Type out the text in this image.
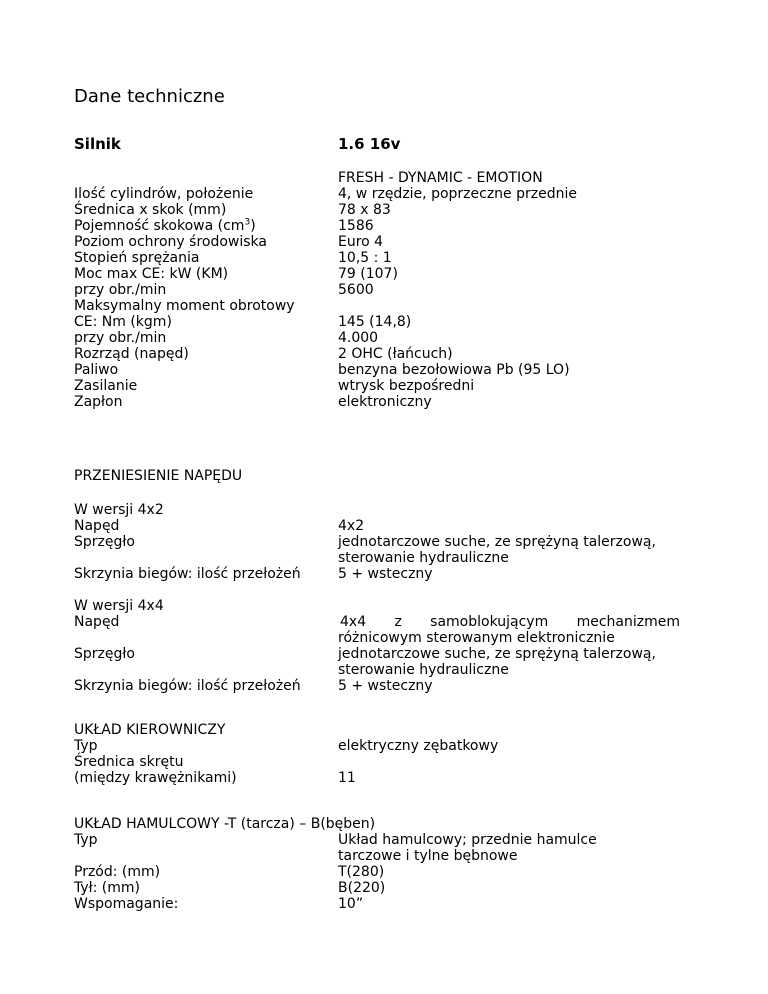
Dane techniczne
Silnik	1.6 16v
FRESH - DYNAMIC - EMOTION
Ilość cylindrów, położenie	4, w rzędzie, poprzeczne przednie
Średnica x skok (mm)	78 x 83
Pojemność skokowa $(cm^3)$	1586
Poziom ochrony środowiska	Euro 4
Stopień sprężania	10,5 : 1
Moc max CE: kW (KM)	79 (107)
przy obr./min	5600
Maksymalny moment obrotowy
CE: Nm (kgm)	145 (14,8)
przy obr./min	4.000
Rozrząd (napęd)	2 OHC (łańcuch)
Paliwo	benzyna bezołowiowa Pb (95 LO)
Zasilanie	wtrysk bezpośredni
Zapłon	elektroniczny
PRZENIESIENIE NAPĘDU
W wersji 4x2
Napęd	4x2
Sprzęgło	jednotarczowe suche, ze sprężyną talerzową,
sterowanie hydrauliczne
Skrzynia biegów: ilość przełożeń	5 + wsteczny
W wersji 4x4
Napęd	4x4 z samoblokującym mechanizmem
różnicowym sterowanym elektronicznie
Sprzęgło	jednotarczowe suche, ze sprężyną talerzową,
sterowanie hydrauliczne
Skrzynia biegów: ilość przełożeń	5 + wsteczny
UKŁAD KIEROWNICZY
Typ	elektryczny zębatkowy
Średnica skrętu
(między krawężnikami)	11
UKŁAD HAMULCOWY -T (tarcza) – B(bęben)
Typ	Układ hamulcowy; przednie hamulce
tarczowe i tylne bębnowe
Przód: (mm)	T(280)
Tył: (mm)	B(220)
Wspomaganie:	10”
